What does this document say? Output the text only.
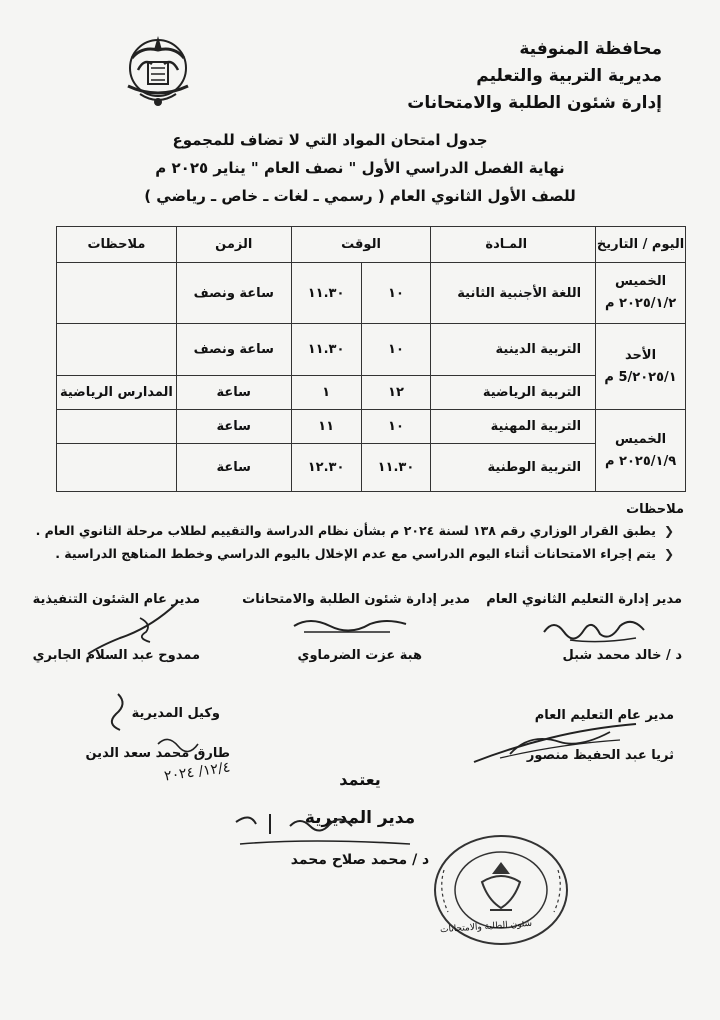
محافظة المنوفية
مديرية التربية والتعليم
إدارة شئون الطلبة والامتحانات
جدول امتحان المواد التي لا تضاف للمجموع
نهاية الفصل الدراسي الأول " نصف العام " يناير ٢٠٢٥ م
للصف الأول الثانوي العام ( رسمي ـ لغات ـ خاص ـ رياضي )
اليوم / التاريخ	المـادة	الوقت		الزمن	ملاحظات

الخميس
٢٠٢٥/١/٢ م	اللغة الأجنبية الثانية	١٠	١١.٣٠	ساعة ونصف	

الأحد
٢٠٢٥/١/5 م	التربية الدينية	١٠	١١.٣٠	ساعة ونصف	
	التربية الرياضية	١٢	١	ساعة	المدارس الرياضية

الخميس
٢٠٢٥/١/٩ م	التربية المهنية	١٠	١١	ساعة	
	التربية الوطنية	١١.٣٠	١٢.٣٠	ساعة	
ملاحظات
❮
يطبق القرار الوزاري رقم ١٣٨ لسنة ٢٠٢٤ م بشأن نظام الدراسة والتقييم لطلاب مرحلة الثانوي العام .
❮
يتم إجراء الامتحانات أثناء اليوم الدراسي مع عدم الإخلال باليوم الدراسي وخطط المناهج الدراسية .
مدير إدارة التعليم الثانوي العام
د / خالد محمد شبل
مدير إدارة شئون الطلبة والامتحانات
هبة عزت الضرماوي
مدير عام الشئون التنفيذية
ممدوح عبد السلام الجابري
مدير عام التعليم العام
ثريا عبد الحفيظ منصور
وكيل المديرية
طارق محمد سعد الدين
١٢/٤/ ٢٠٢٤
يعتمد
مدير المديرية
د / محمد صلاح محمد
شئون الطلبة والامتحانات
